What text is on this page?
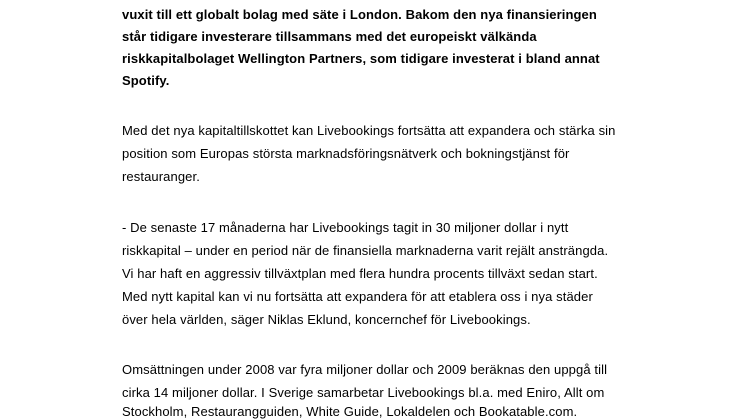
vuxit till ett globalt bolag med säte i London. Bakom den nya finansieringen
står tidigare investerare tillsammans med det europeiskt välkända
riskkapitalbolaget Wellington Partners, som tidigare investerat i bland annat
Spotify.
Med det nya kapitaltillskottet kan Livebookings fortsätta att expandera och stärka sin
position som Europas största marknadsföringsnätverk och bokningstjänst för
restauranger.
- De senaste 17 månaderna har Livebookings tagit in 30 miljoner dollar i nytt
riskkapital – under en period när de finansiella marknaderna varit rejält ansträngda.
Vi har haft en aggressiv tillväxtplan med flera hundra procents tillväxt sedan start.
Med nytt kapital kan vi nu fortsätta att expandera för att etablera oss i nya städer
över hela världen, säger Niklas Eklund, koncernchef för Livebookings.
Omsättningen under 2008 var fyra miljoner dollar och 2009 beräknas den uppgå till
cirka 14 miljoner dollar. I Sverige samarbetar Livebookings bl.a. med Eniro, Allt om
Stockholm, Restaurangguiden, White Guide, Lokaldelen och Bookatable.com.
